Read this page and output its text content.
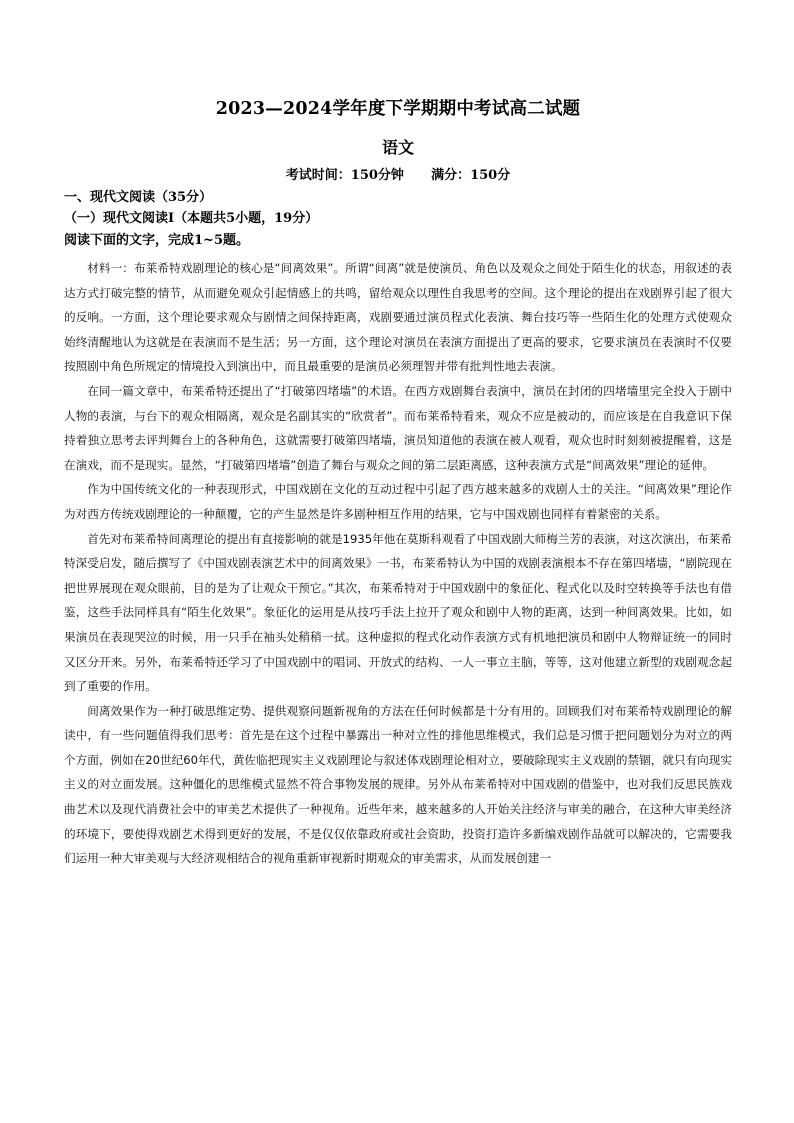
2023—2024学年度下学期期中考试高二试题
语文
考试时间：150分钟      满分：150分
一、现代文阅读（35分）
（一）现代文阅读Ⅰ（本题共5小题，19分）
阅读下面的文字，完成1~5题。

材料一：布莱希特戏剧理论的核心是“间离效果”。所谓“间离”就是使演员、角色以及观众之间处于陌生化的状态，用叙述的表达方式打破完整的情节，从而避免观众引起情感上的共鸣，留给观众以理性自我思考的空间。这个理论的提出在戏剧界引起了很大的反响。一方面，这个理论要求观众与剧情之间保持距离，戏剧要通过演员程式化表演、舞台技巧等一些陌生化的处理方式使观众始终清醒地认为这就是在表演而不是生活；另一方面，这个理论对演员在表演方面提出了更高的要求，它要求演员在表演时不仅要按照剧中角色所规定的情境投入到演出中，而且最重要的是演员必须理智并带有批判性地去表演。

在同一篇文章中，布莱希特还提出了“打破第四堵墙”的术语。在西方戏剧舞台表演中，演员在封闭的四堵墙里完全投入于剧中人物的表演，与台下的观众相隔离，观众是名副其实的“欣赏者”。而布莱希特看来，观众不应是被动的，而应该是在自我意识下保持着独立思考去评判舞台上的各种角色，这就需要打破第四堵墙，演员知道他的表演在被人观看，观众也时时刻刻被提醒着，这是在演戏，而不是现实。显然，“打破第四堵墙”创造了舞台与观众之间的第二层距离感，这种表演方式是“间离效果”理论的延伸。

作为中国传统文化的一种表现形式，中国戏剧在文化的互动过程中引起了西方越来越多的戏剧人士的关注。“间离效果”理论作为对西方传统戏剧理论的一种颠覆，它的产生显然是许多剧种相互作用的结果，它与中国戏剧也同样有着紧密的关系。

首先对布莱希特间离理论的提出有直接影响的就是1935年他在莫斯科观看了中国戏剧大师梅兰芳的表演，对这次演出，布莱希特深受启发，随后撰写了《中国戏剧表演艺术中的间离效果》一书，布莱希特认为中国的戏剧表演根本不存在第四堵墙，“剧院现在把世界展现在观众眼前，目的是为了让观众干预它。”其次，布莱希特对于中国戏剧中的象征化、程式化以及时空转换等手法也有借鉴，这些手法同样具有“陌生化效果”。象征化的运用是从技巧手法上拉开了观众和剧中人物的距离，达到一种间离效果。比如，如果演员在表现哭泣的时候，用一只手在袖头处稍稍一拭。这种虚拟的程式化动作表演方式有机地把演员和剧中人物辩证统一的同时又区分开来。另外，布莱希特还学习了中国戏剧中的唱词、开放式的结构、一人一事立主脑，等等，这对他建立新型的戏剧观念起到了重要的作用。

间离效果作为一种打破思维定势、提供观察问题新视角的方法在任何时候都是十分有用的。回顾我们对布莱希特戏剧理论的解读中，有一些问题值得我们思考：首先是在这个过程中暴露出一种对立性的排他思维模式，我们总是习惯于把问题划分为对立的两个方面，例如在20世纪60年代，黄佐临把现实主义戏剧理论与叙述体戏剧理论相对立，要破除现实主义戏剧的禁锢，就只有向现实主义的对立面发展。这种僵化的思维模式显然不符合事物发展的规律。另外从布莱希特对中国戏剧的借鉴中，也对我们反思民族戏曲艺术以及现代消费社会中的审美艺术提供了一种视角。近些年来，越来越多的人开始关注经济与审美的融合，在这种大审美经济的环境下，要使得戏剧艺术得到更好的发展，不是仅仅依靠政府或社会资助，投资打造许多新编戏剧作品就可以解决的，它需要我们运用一种大审美观与大经济观相结合的视角重新审视新时期观众的审美需求，从而发展创建一
